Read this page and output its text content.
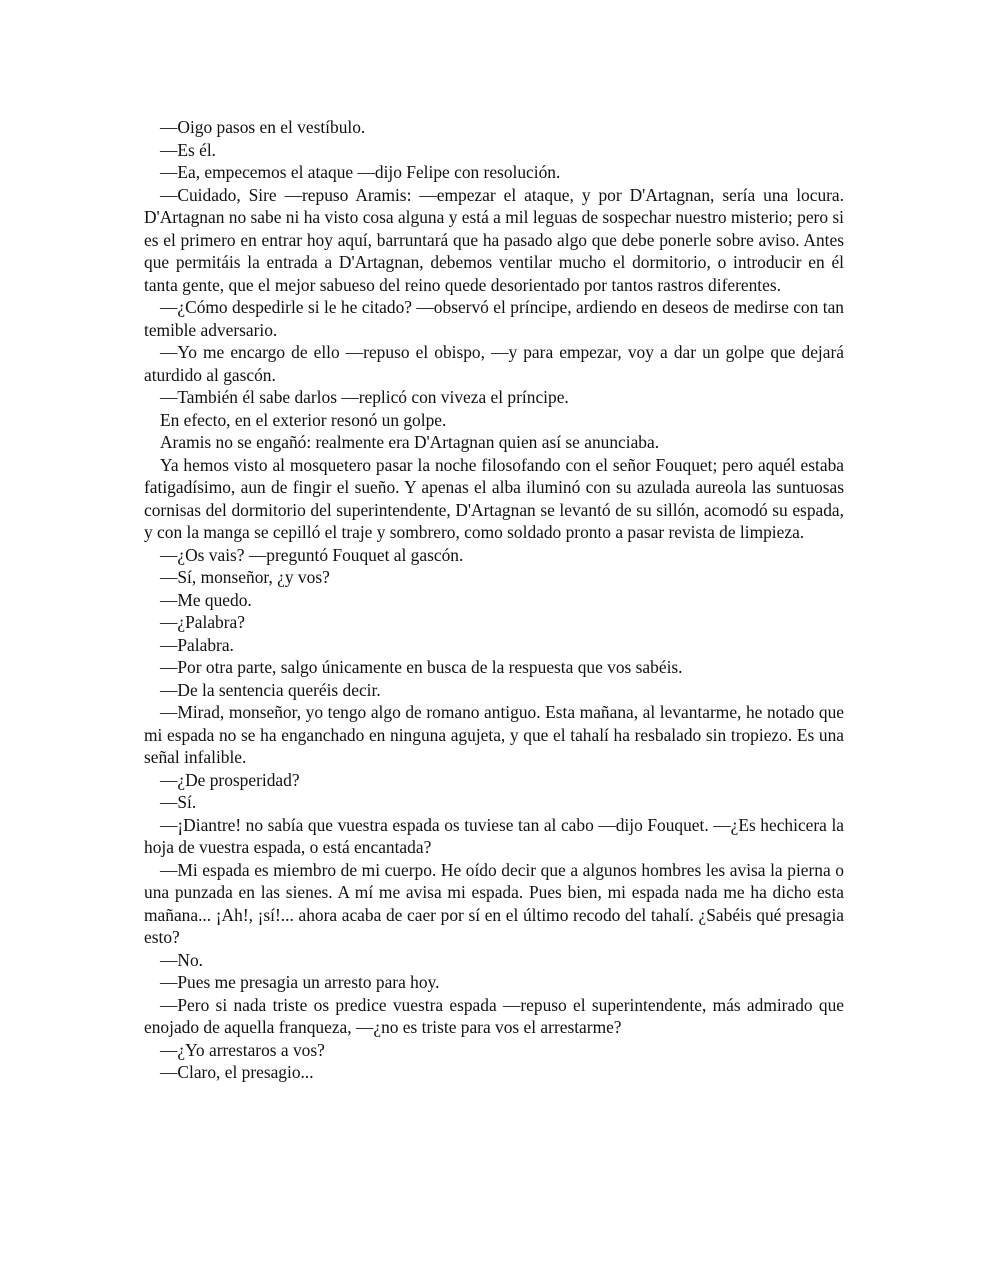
—Oigo pasos en el vestíbulo.

—Es él.

—Ea, empecemos el ataque —dijo Felipe con resolución.

—Cuidado, Sire —repuso Aramis: —empezar el ataque, y por D'Artagnan, sería una locura. D'Artagnan no sabe ni ha visto cosa alguna y está a mil leguas de sospechar nuestro misterio; pero si es el primero en entrar hoy aquí, barruntará que ha pasado algo que debe ponerle sobre aviso. Antes que permitáis la entrada a D'Artagnan, debemos ventilar mucho el dormitorio, o introducir en él tanta gente, que el mejor sabueso del reino quede desorientado por tantos rastros diferentes.

—¿Cómo despedirle si le he citado? —observó el príncipe, ardiendo en deseos de medirse con tan temible adversario.

—Yo me encargo de ello —repuso el obispo, —y para empezar, voy a dar un golpe que dejará aturdido al gascón.

—También él sabe darlos —replicó con viveza el príncipe.

En efecto, en el exterior resonó un golpe.

Aramis no se engañó: realmente era D'Artagnan quien así se anunciaba.

Ya hemos visto al mosquetero pasar la noche filosofando con el señor Fouquet; pero aquél estaba fatigadísimo, aun de fingir el sueño. Y apenas el alba iluminó con su azulada aureola las suntuosas cornisas del dormitorio del superintendente, D'Artagnan se levantó de su sillón, acomodó su espada, y con la manga se cepilló el traje y sombrero, como soldado pronto a pasar revista de limpieza.

—¿Os vais? —preguntó Fouquet al gascón.

—Sí, monseñor, ¿y vos?

—Me quedo.

—¿Palabra?

—Palabra.

—Por otra parte, salgo únicamente en busca de la respuesta que vos sabéis.

—De la sentencia queréis decir.

—Mirad, monseñor, yo tengo algo de romano antiguo. Esta mañana, al levantarme, he notado que mi espada no se ha enganchado en ninguna agujeta, y que el tahalí ha resbalado sin tropiezo. Es una señal infalible.

—¿De prosperidad?

—Sí.

—¡Diantre! no sabía que vuestra espada os tuviese tan al cabo —dijo Fouquet. —¿Es hechicera la hoja de vuestra espada, o está encantada?

—Mi espada es miembro de mi cuerpo. He oído decir que a algunos hombres les avisa la pierna o una punzada en las sienes. A mí me avisa mi espada. Pues bien, mi espada nada me ha dicho esta mañana... ¡Ah!, ¡sí!... ahora acaba de caer por sí en el último recodo del tahalí. ¿Sabéis qué presagia esto?

—No.

—Pues me presagia un arresto para hoy.

—Pero si nada triste os predice vuestra espada —repuso el superintendente, más admirado que enojado de aquella franqueza, —¿no es triste para vos el arrestarme?

—¿Yo arrestaros a vos?

—Claro, el presagio...
